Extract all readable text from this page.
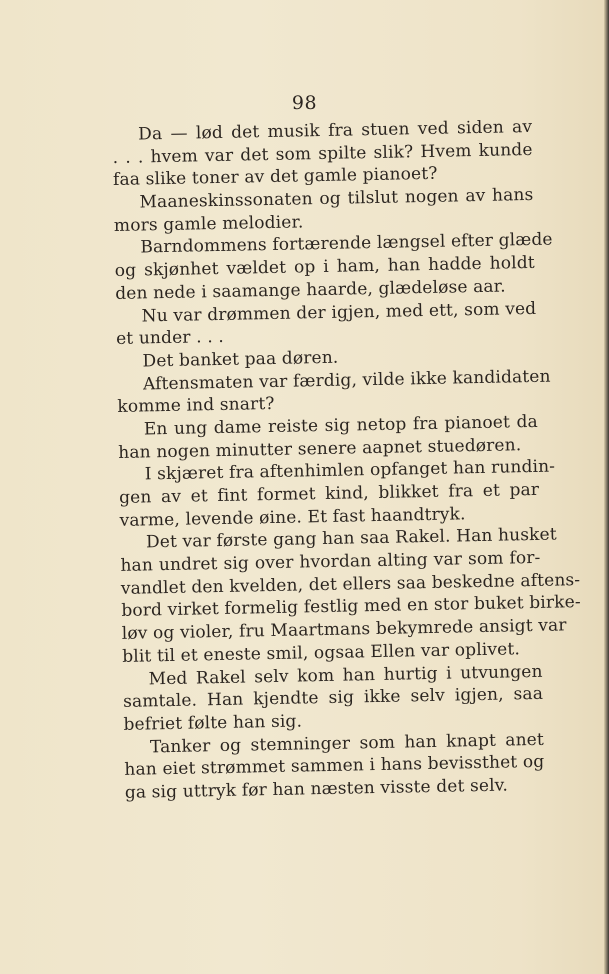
98
Da — lød det musik fra stuen ved siden av
. . . hvem var det som spilte slik? Hvem kunde
faa slike toner av det gamle pianoet?
Maaneskinssonaten og tilslut nogen av hans
mors gamle melodier.
Barndommens fortærende længsel efter glæde
og skjønhet vældet op i ham, han hadde holdt
den nede i saamange haarde, glædeløse aar.
Nu var drømmen der igjen, med ett, som ved
et under . . .
Det banket paa døren.
Aftensmaten var færdig, vilde ikke kandidaten
komme ind snart?
En ung dame reiste sig netop fra pianoet da
han nogen minutter senere aapnet stuedøren.
I skjæret fra aftenhimlen opfanget han rundin-
gen av et fint formet kind, blikket fra et par
varme, levende øine. Et fast haandtryk.
Det var første gang han saa Rakel. Han husket
han undret sig over hvordan alting var som for-
vandlet den kvelden, det ellers saa beskedne aftens-
bord virket formelig festlig med en stor buket birke-
løv og violer, fru Maartmans bekymrede ansigt var
blit til et eneste smil, ogsaa Ellen var oplivet.
Med Rakel selv kom han hurtig i utvungen
samtale. Han kjendte sig ikke selv igjen, saa
befriet følte han sig.
Tanker og stemninger som han knapt anet
han eiet strømmet sammen i hans bevissthet og
ga sig uttryk før han næsten visste det selv.
